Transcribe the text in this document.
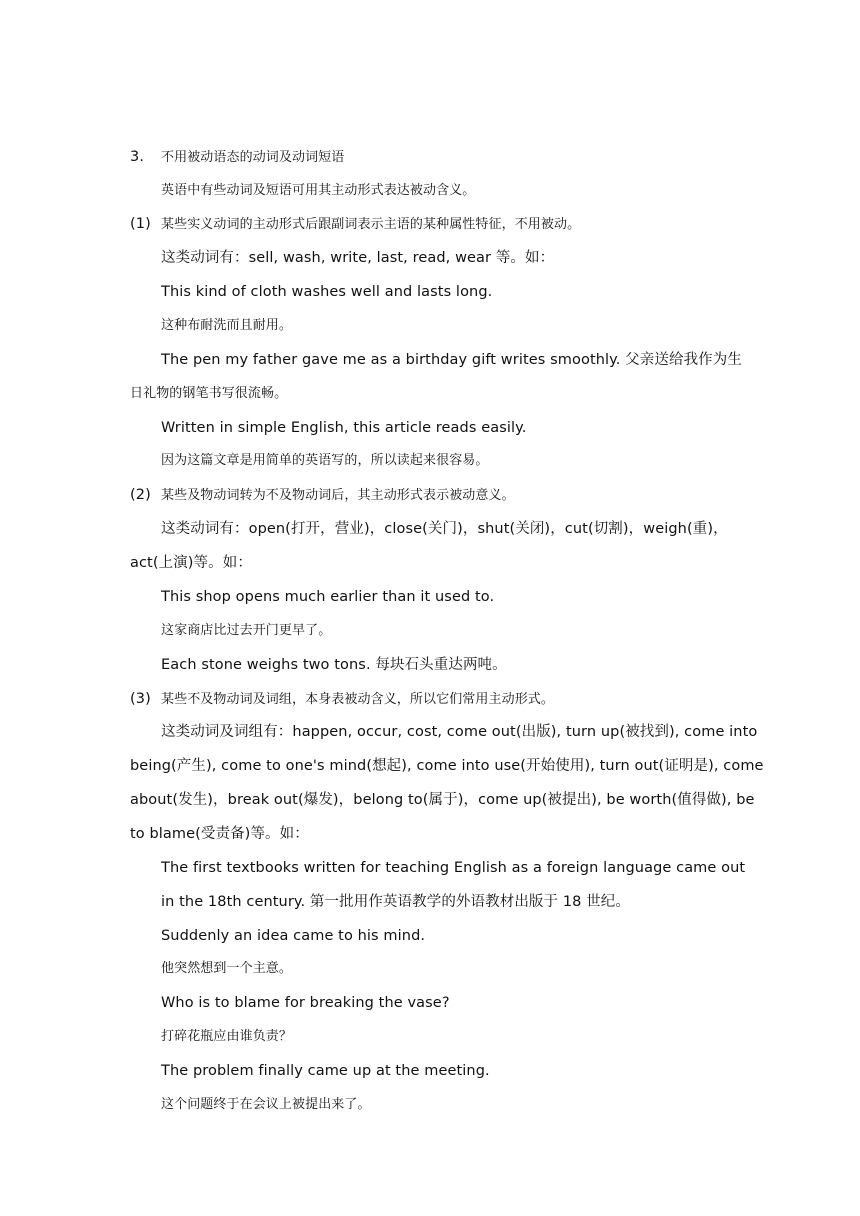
3. 不用被动语态的动词及动词短语
英语中有些动词及短语可用其主动形式表达被动含义。
(1) 某些实义动词的主动形式后跟副词表示主语的某种属性特征，不用被动。
这类动词有：sell, wash, write, last, read, wear 等。如：
This kind of cloth washes well and lasts long.
这种布耐洗而且耐用。
The pen my father gave me as a birthday gift writes smoothly. 父亲送给我作为生
日礼物的钢笔书写很流畅。
Written in simple English, this article reads easily.
因为这篇文章是用简单的英语写的，所以读起来很容易。
(2) 某些及物动词转为不及物动词后，其主动形式表示被动意义。
这类动词有：open(打开，营业)，close(关门)，shut(关闭)，cut(切割)，weigh(重)，
act(上演)等。如：
This shop opens much earlier than it used to.
这家商店比过去开门更早了。
Each stone weighs two tons. 每块石头重达两吨。
(3) 某些不及物动词及词组，本身表被动含义，所以它们常用主动形式。
这类动词及词组有：happen, occur, cost, come out(出版), turn up(被找到), come into
being(产生), come to one's mind(想起), come into use(开始使用), turn out(证明是), come
about(发生)，break out(爆发)，belong to(属于)，come up(被提出), be worth(值得做), be
to blame(受责备)等。如：
The first textbooks written for teaching English as a foreign language came out
in the 18th century. 第一批用作英语教学的外语教材出版于 18 世纪。
Suddenly an idea came to his mind.
他突然想到一个主意。
Who is to blame for breaking the vase?
打碎花瓶应由谁负责？
The problem finally came up at the meeting.
这个问题终于在会议上被提出来了。
